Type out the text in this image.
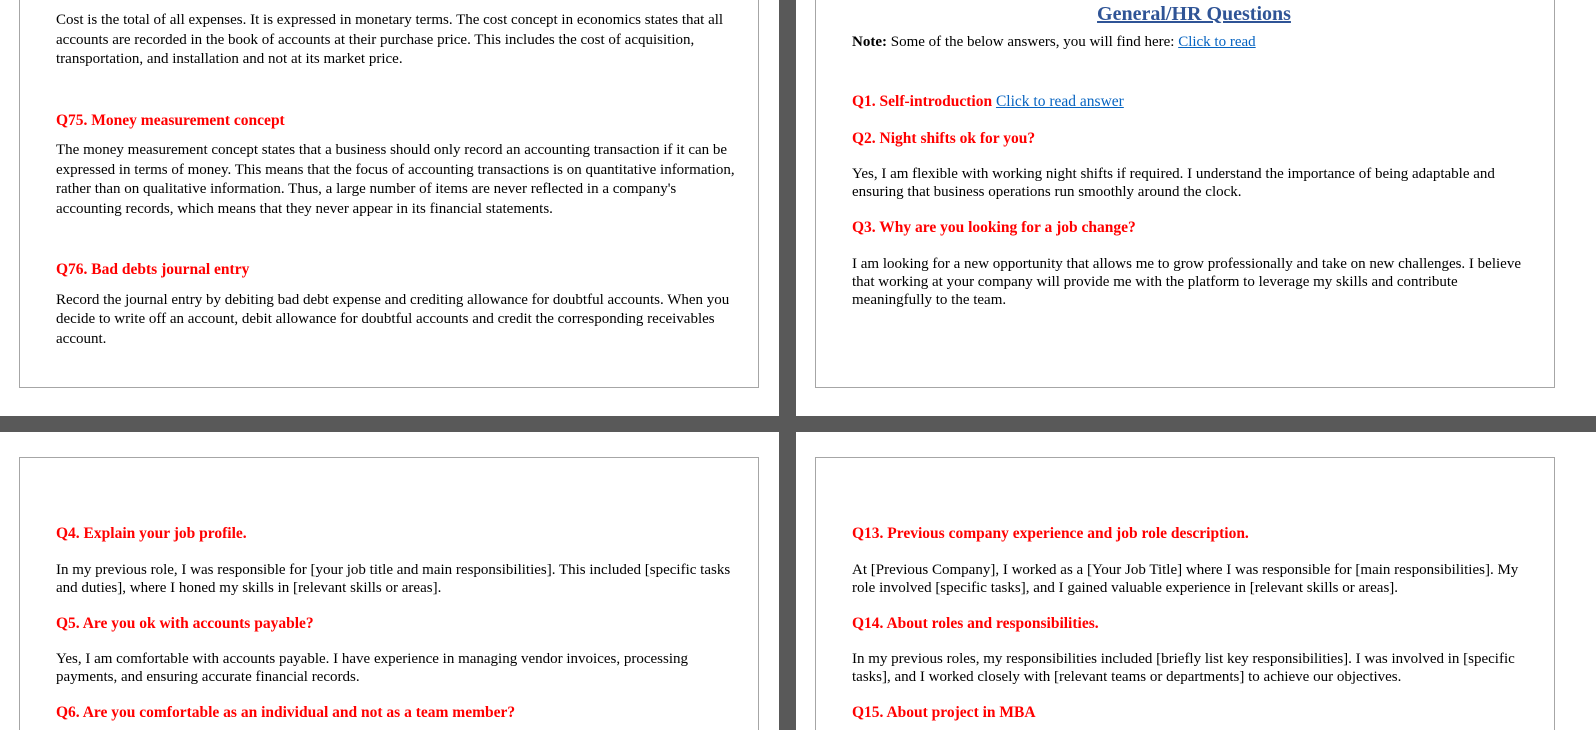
Cost is the total of all expenses. It is expressed in monetary terms. The cost concept in economics states that all accounts are recorded in the book of accounts at their purchase price. This includes the cost of acquisition, transportation, and installation and not at its market price.

Q75. Money measurement concept

The money measurement concept states that a business should only record an accounting transaction if it can be expressed in terms of money. This means that the focus of accounting transactions is on quantitative information, rather than on qualitative information. Thus, a large number of items are never reflected in a company's accounting records, which means that they never appear in its financial statements.

Q76. Bad debts journal entry

Record the journal entry by debiting bad debt expense and crediting allowance for doubtful accounts. When you decide to write off an account, debit allowance for doubtful accounts and credit the corresponding receivables account.

General/HR Questions

Note: Some of the below answers, you will find here: Click to read

Q1. Self-introduction Click to read answer

Q2. Night shifts ok for you?

Yes, I am flexible with working night shifts if required. I understand the importance of being adaptable and ensuring that business operations run smoothly around the clock.

Q3. Why are you looking for a job change?

I am looking for a new opportunity that allows me to grow professionally and take on new challenges. I believe that working at your company will provide me with the platform to leverage my skills and contribute meaningfully to the team.

Q4. Explain your job profile.

In my previous role, I was responsible for [your job title and main responsibilities]. This included [specific tasks and duties], where I honed my skills in [relevant skills or areas].

Q5. Are you ok with accounts payable?

Yes, I am comfortable with accounts payable. I have experience in managing vendor invoices, processing payments, and ensuring accurate financial records.

Q6. Are you comfortable as an individual and not as a team member?

Q13. Previous company experience and job role description.

At [Previous Company], I worked as a [Your Job Title] where I was responsible for [main responsibilities]. My role involved [specific tasks], and I gained valuable experience in [relevant skills or areas].

Q14. About roles and responsibilities.

In my previous roles, my responsibilities included [briefly list key responsibilities]. I was involved in [specific tasks], and I worked closely with [relevant teams or departments] to achieve our objectives.

Q15. About project in MBA
